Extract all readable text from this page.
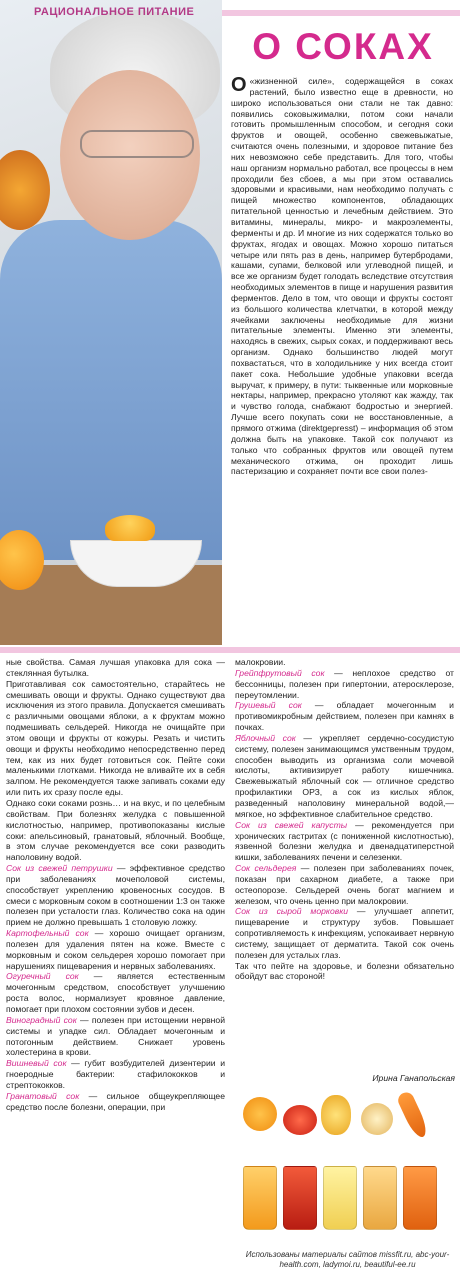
РАЦИОНАЛЬНОЕ ПИТАНИЕ
О СОКАХ

О «жизненной силе», содержащейся в соках растений, было известно еще в древности, но широко использоваться они стали не так давно: появились соковыжималки, потом соки начали готовить промышленным способом, и сегодня соки фруктов и овощей, особенно свежевыжатые, считаются очень полезными, и здоровое питание без них невозможно себе представить. Для того, чтобы наш организм нормально работал, все процессы в нем проходили без сбоев, а мы при этом оставались здоровыми и красивыми, нам необходимо получать с пищей множество компонентов, обладающих питательной ценностью и лечебным действием. Это витамины, минералы, микро- и макроэлементы, ферменты и др. И многие из них содержатся только во фруктах, ягодах и овощах. Можно хорошо питаться четыре или пять раз в день, например бутербродами, кашами, супами, белковой или углеводной пищей, и все же организм будет голодать вследствие отсутствия необходимых элементов в пище и нарушения развития ферментов. Дело в том, что овощи и фрукты состоят из большого количества клетчатки, в которой между ячейками заключены необходимые для жизни питательные элементы. Именно эти элементы, находясь в свежих, сырых соках, и поддерживают весь организм. Однако большинство людей могут похвастаться, что в холодильнике у них всегда стоит пакет сока. Небольшие удобные упаковки всегда выручат, к примеру, в пути: тыквенные или морковные нектары, например, прекрасно утоляют как жажду, так и чувство голода, снабжают бодростью и энергией. Лучше всего покупать соки не восстановленные, а прямого отжима (direktgepresst) – информация об этом должна быть на упаковке. Такой сок получают из только что собранных фруктов или овощей путем механического отжима, он проходит лишь пастеризацию и сохраняет почти все свои полез-

ные свойства. Самая лучшая упаковка для сока — стеклянная бутылка.

Приготавливая сок самостоятельно, старайтесь не смешивать овощи и фрукты. Однако существуют два исключения из этого правила. Допускается смешивать с различными овощами яблоки, а к фруктам можно подмешивать сельдерей. Никогда не очищайте при этом овощи и фрукты от кожуры. Резать и чистить овощи и фрукты необходимо непосредственно перед тем, как из них будет готовиться сок. Пейте соки маленькими глотками. Никогда не вливайте их в себя залпом. Не рекомендуется также запивать соками еду или пить их сразу после еды.

Однако соки соками рознь… и на вкус, и по целебным свойствам. При болезнях желудка с повышенной кислотностью, например, противопоказаны кислые соки: апельсиновый, гранатовый, яблочный. Вообще, в этом случае рекомендуется все соки разводить наполовину водой.

Сок из свежей петрушки — эффективное средство при заболеваниях мочеполовой системы, способствует укреплению кровеносных сосудов. В смеси с морковным соком в соотношении 1:3 он также полезен при усталости глаз. Количество сока на один прием не должно превышать 1 столовую ложку.

Картофельный сок — хорошо очищает организм, полезен для удаления пятен на коже. Вместе с морковным и соком сельдерея хорошо помогает при нарушениях пищеварения и нервных заболеваниях.

Огуречный сок — является естественным мочегонным средством, способствует улучшению роста волос, нормализует кровяное давление, помогает при плохом состоянии зубов и десен.

Виноградный сок — полезен при истощении нервной системы и упадке сил. Обладает мочегонным и потогонным действием. Снижает уровень холестерина в крови.

Вишневый сок — губит возбудителей дизентерии и гноеродные бактерии: стафилококков и стрептококков.

Гранатовый сок — сильное общеукрепляющее средство после болезни, операции, при

малокровии.

Грейпфрутовый сок — неплохое средство от бессонницы, полезен при гипертонии, атеросклерозе, переутомлении.

Грушевый сок — обладает мочегонным и противомикробным действием, полезен при камнях в почках.

Яблочный сок — укрепляет сердечно-сосудистую систему, полезен занимающимся умственным трудом, способен выводить из организма соли мочевой кислоты, активизирует работу кишечника. Свежевыжатый яблочный сок — отличное средство профилактики ОРЗ, а сок из кислых яблок, разведенный наполовину минеральной водой,— мягкое, но эффективное слабительное средство.

Сок из свежей капусты — рекомендуется при хронических гастритах (с пониженной кислотностью), язвенной болезни желудка и двенадцатиперстной кишки, заболеваниях печени и селезенки.

Сок сельдерея — полезен при заболеваниях почек, показан при сахарном диабете, а также при остеопорозе. Сельдерей очень богат магнием и железом, что очень ценно при малокровии.

Сок из сырой морковки — улучшает аппетит, пищеварение и структуру зубов. Повышает сопротивляемость к инфекциям, успокаивает нервную систему, защищает от дерматита. Такой сок очень полезен для усталых глаз.

Так что пейте на здоровье, и болезни обязательно обойдут вас стороной!

Ирина Ганапольская
Использованы материалы сайтов missfit.ru, abc-your-health.com, ladymoi.ru, beautiful-ee.ru
